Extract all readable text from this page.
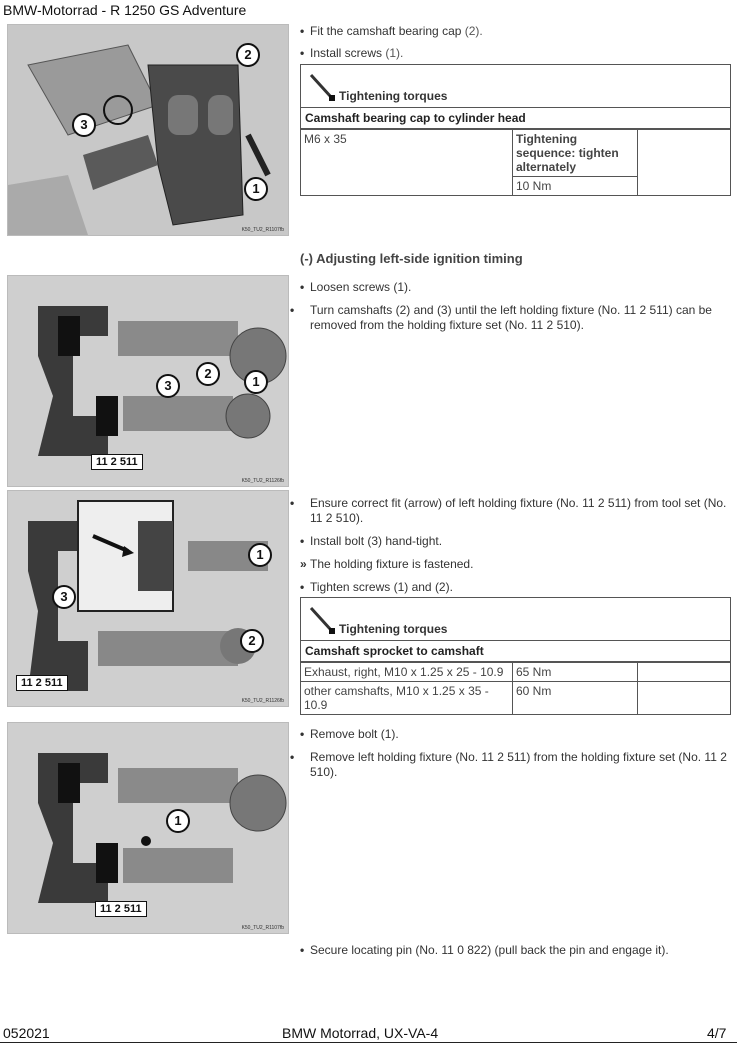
BMW-Motorrad - R 1250 GS Adventure
2
3
1
K50_TU2_R1107fb
2
3	1
11 2 511
K50_TU2_R1126fb
1
3
2
11 2 511
K50_TU2_R1126fb
1
11 2 511
K50_TU2_R1107fb
• Fit the camshaft bearing cap (2).
• Install screws (1).
Tightening torques
Camshaft bearing cap to cylinder head
M6 x 35	Tightening sequence: tighten alternately	
10 Nm
(-) Adjusting left-side ignition timing
• Loosen screws (1).
• Turn camshafts (2) and (3) until the left holding fixture (No. 11 2 511) can be removed from the holding fixture set (No. 11 2 510).
• Ensure correct fit (arrow) of left holding fixture (No. 11 2 511) from tool set (No. 11 2 510).
• Install bolt (3) hand-tight.
» The holding fixture is fastened.
• Tighten screws (1) and (2).
Tightening torques
Camshaft sprocket to camshaft
Exhaust, right, M10 x 1.25 x 25 - 10.9	65 Nm	
other camshafts, M10 x 1.25 x 35 - 10.9	60 Nm	
• Remove bolt (1).
• Remove left holding fixture (No. 11 2 511) from the holding fixture set (No. 11 2 510).
• Secure locating pin (No. 11 0 822) (pull back the pin and engage it).
052021	BMW Motorrad, UX-VA-4	4/7
